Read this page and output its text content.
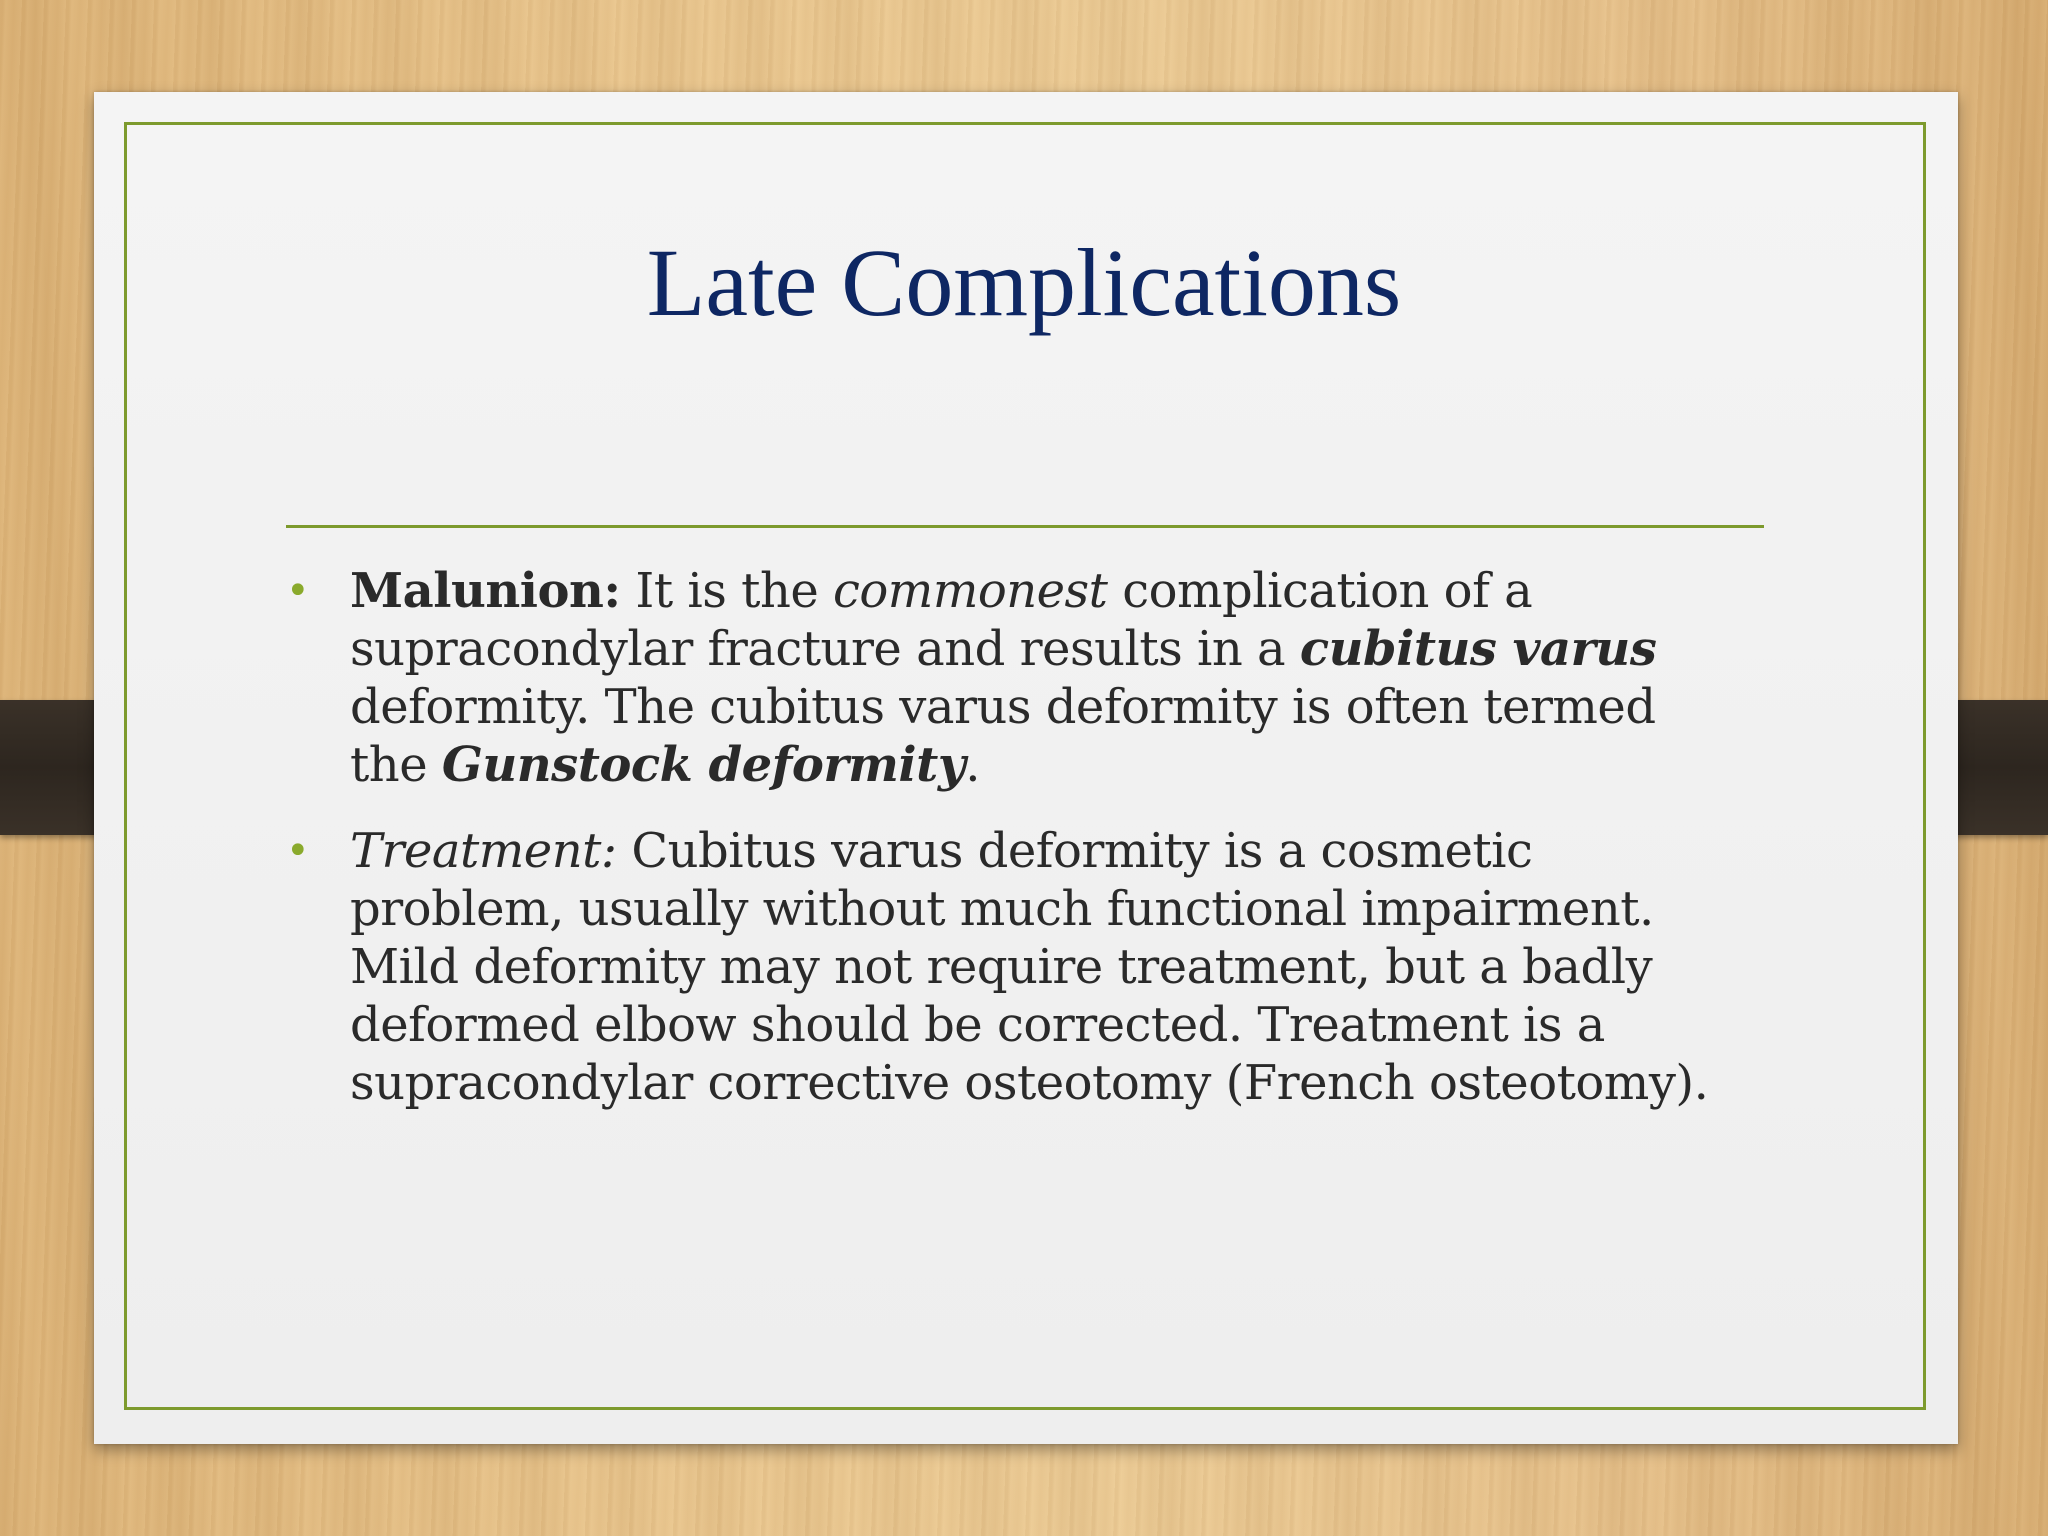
Late Complications
• Malunion: It is the commonest complication of a supracondylar fracture and results in a cubitus varus deformity. The cubitus varus deformity is often termed the Gunstock deformity.
• Treatment: Cubitus varus deformity is a cosmetic problem, usually without much functional impairment. Mild deformity may not require treatment, but a badly deformed elbow should be corrected. Treatment is a supracondylar corrective osteotomy (French osteotomy).
